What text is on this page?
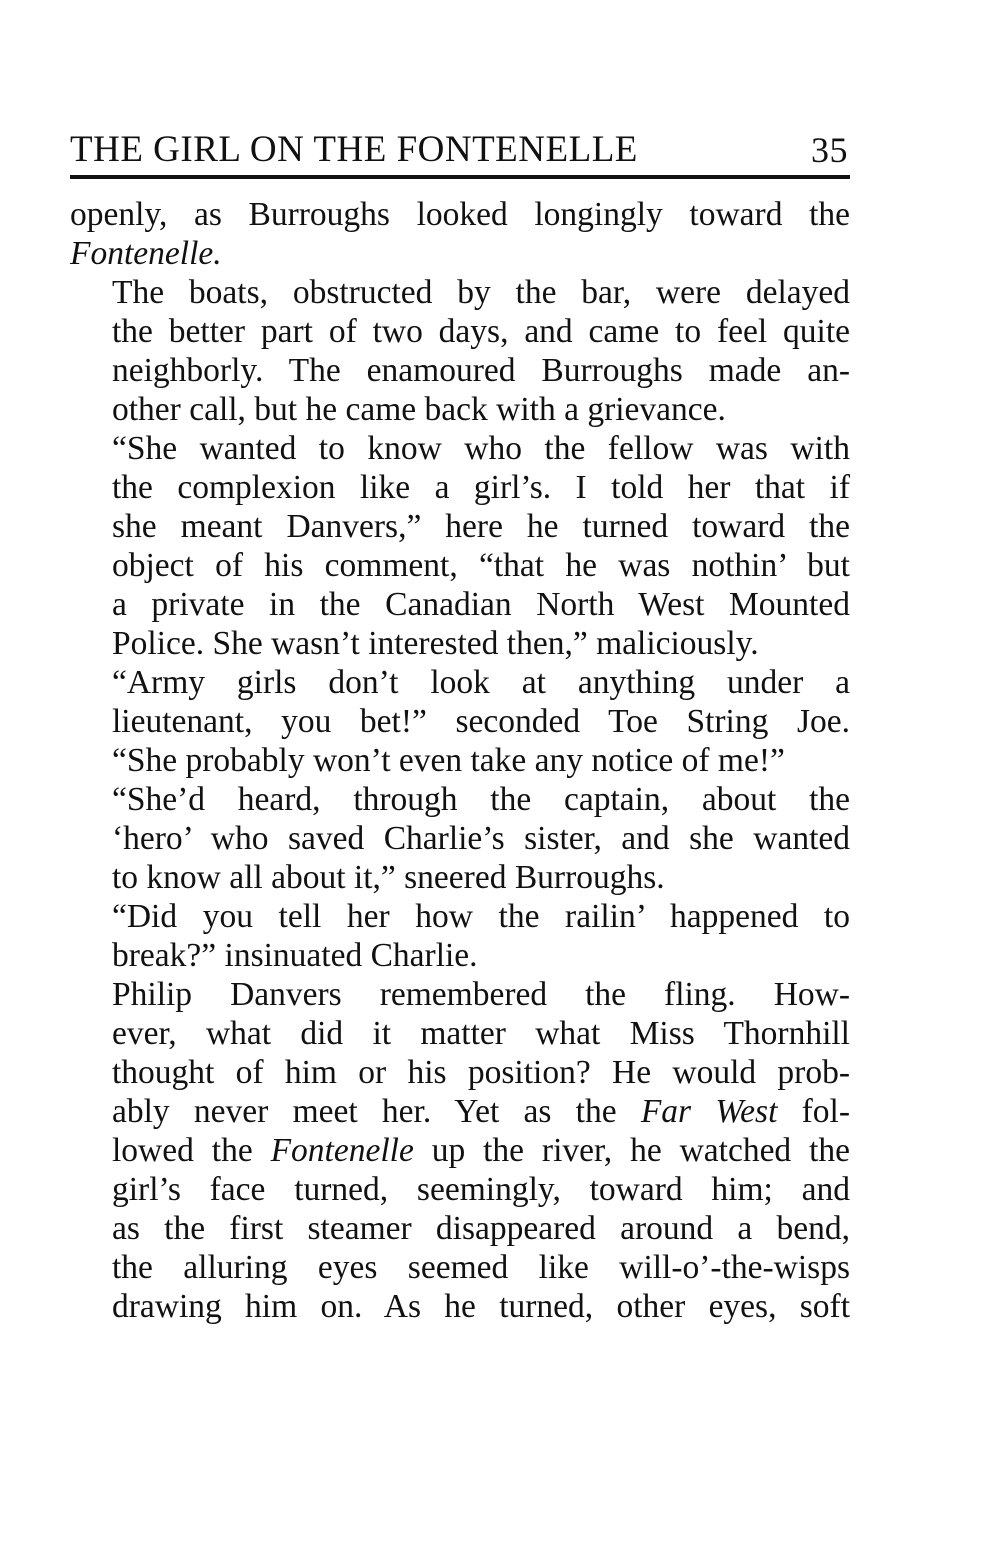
THE GIRL ON THE FONTENELLE	35

openly, as Burroughs looked longingly toward the
Fontenelle.

The boats, obstructed by the bar, were delayed
the better part of two days, and came to feel quite
neighborly. The enamoured Burroughs made an-
other call, but he came back with a grievance.

“She wanted to know who the fellow was with
the complexion like a girl’s. I told her that if
she meant Danvers,” here he turned toward the
object of his comment, “that he was nothin’ but
a private in the Canadian North West Mounted
Police. She wasn’t interested then,” maliciously.

“Army girls don’t look at anything under a
lieutenant, you bet!” seconded Toe String Joe.
“She probably won’t even take any notice of me!”

“She’d heard, through the captain, about the
‘hero’ who saved Charlie’s sister, and she wanted
to know all about it,” sneered Burroughs.

“Did you tell her how the railin’ happened to
break?” insinuated Charlie.

Philip Danvers remembered the fling. How-
ever, what did it matter what Miss Thornhill
thought of him or his position? He would prob-
ably never meet her. Yet as the Far West fol-
lowed the Fontenelle up the river, he watched the
girl’s face turned, seemingly, toward him; and
as the first steamer disappeared around a bend,
the alluring eyes seemed like will-o’-the-wisps
drawing him on. As he turned, other eyes, soft
